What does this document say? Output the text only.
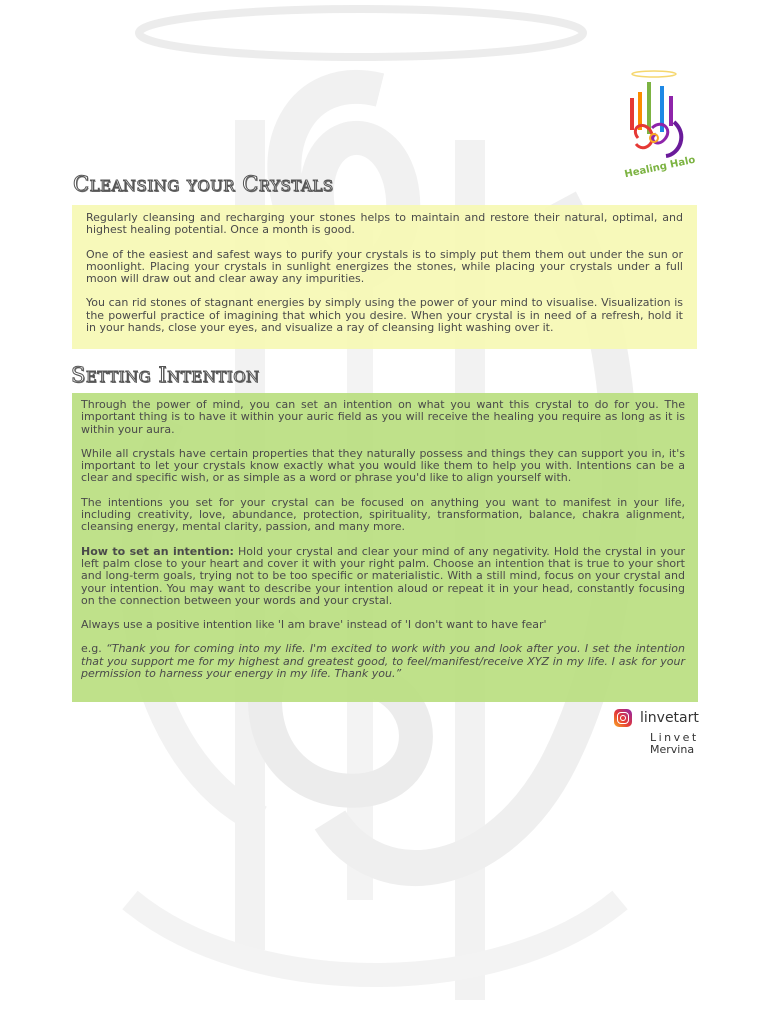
Healing Halo
Cleansing your Crystals

Regularly cleansing and recharging your stones helps to maintain and restore their natural, optimal, and highest healing potential. Once a month is good.

One of the easiest and safest ways to purify your crystals is to simply put them them out under the sun or moonlight. Placing your crystals in sunlight energizes the stones, while placing your crystals under a full moon will draw out and clear away any impurities.

You can rid stones of stagnant energies by simply using the power of your mind to visualise. Visualization is the powerful practice of imagining that which you desire. When your crystal is in need of a refresh, hold it in your hands, close your eyes, and visualize a ray of cleansing light washing over it.

Setting Intention

Through the power of mind, you can set an intention on what you want this crystal to do for you. The important thing is to have it within your auric field as you will receive the healing you require as long as it is within your aura.

While all crystals have certain properties that they naturally possess and things they can support you in, it's important to let your crystals know exactly what you would like them to help you with. Intentions can be a clear and specific wish, or as simple as a word or phrase you'd like to align yourself with.

The intentions you set for your crystal can be focused on anything you want to manifest in your life, including creativity, love, abundance, protection, spirituality, transformation, balance, chakra alignment, cleansing energy, mental clarity, passion, and many more.

How to set an intention: Hold your crystal and clear your mind of any negativity. Hold the crystal in your left palm close to your heart and cover it with your right palm. Choose an intention that is true to your short and long-term goals, trying not to be too specific or materialistic. With a still mind, focus on your crystal and your intention. You may want to describe your intention aloud or repeat it in your head, constantly focusing on the connection between your words and your crystal.

Always use a positive intention like 'I am brave' instead of 'I don't want to have fear'

e.g. “Thank you for coming into my life. I'm excited to work with you and look after you. I set the intention that you support me for my highest and greatest good, to feel/manifest/receive XYZ in my life. I ask for your permission to harness your energy in my life. Thank you.”

linvetart
Linvet
Mervina
